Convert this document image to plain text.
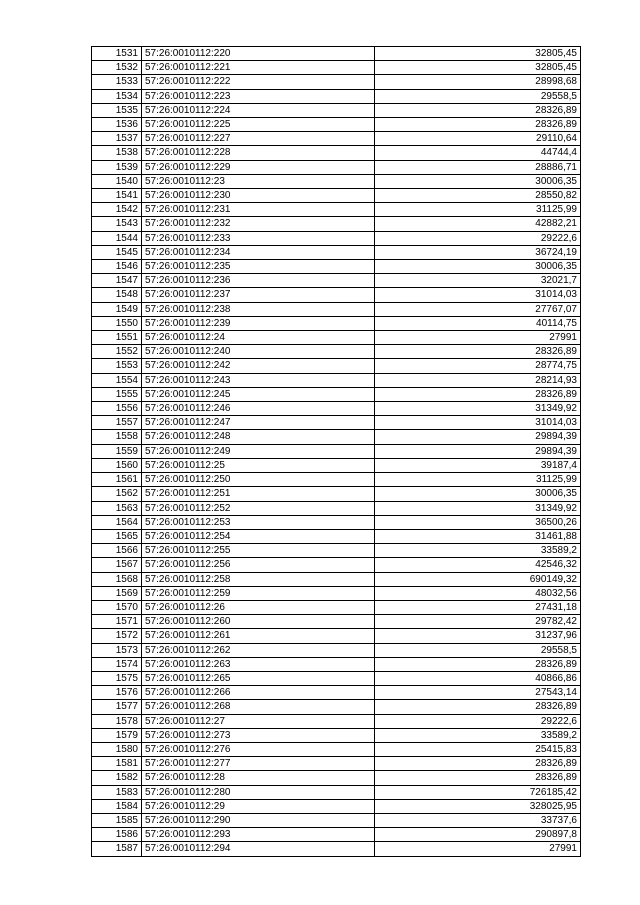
1531	57:26:0010112:220	32805,45
1532	57:26:0010112:221	32805,45
1533	57:26:0010112:222	28998,68
1534	57:26:0010112:223	29558,5
1535	57:26:0010112:224	28326,89
1536	57:26:0010112:225	28326,89
1537	57:26:0010112:227	29110,64
1538	57:26:0010112:228	44744,4
1539	57:26:0010112:229	28886,71
1540	57:26:0010112:23	30006,35
1541	57:26:0010112:230	28550,82
1542	57:26:0010112:231	31125,99
1543	57:26:0010112:232	42882,21
1544	57:26:0010112:233	29222,6
1545	57:26:0010112:234	36724,19
1546	57:26:0010112:235	30006,35
1547	57:26:0010112:236	32021,7
1548	57:26:0010112:237	31014,03
1549	57:26:0010112:238	27767,07
1550	57:26:0010112:239	40114,75
1551	57:26:0010112:24	27991
1552	57:26:0010112:240	28326,89
1553	57:26:0010112:242	28774,75
1554	57:26:0010112:243	28214,93
1555	57:26:0010112:245	28326,89
1556	57:26:0010112:246	31349,92
1557	57:26:0010112:247	31014,03
1558	57:26:0010112:248	29894,39
1559	57:26:0010112:249	29894,39
1560	57:26:0010112:25	39187,4
1561	57:26:0010112:250	31125,99
1562	57:26:0010112:251	30006,35
1563	57:26:0010112:252	31349,92
1564	57:26:0010112:253	36500,26
1565	57:26:0010112:254	31461,88
1566	57:26:0010112:255	33589,2
1567	57:26:0010112:256	42546,32
1568	57:26:0010112:258	690149,32
1569	57:26:0010112:259	48032,56
1570	57:26:0010112:26	27431,18
1571	57:26:0010112:260	29782,42
1572	57:26:0010112:261	31237,96
1573	57:26:0010112:262	29558,5
1574	57:26:0010112:263	28326,89
1575	57:26:0010112:265	40866,86
1576	57:26:0010112:266	27543,14
1577	57:26:0010112:268	28326,89
1578	57:26:0010112:27	29222,6
1579	57:26:0010112:273	33589,2
1580	57:26:0010112:276	25415,83
1581	57:26:0010112:277	28326,89
1582	57:26:0010112:28	28326,89
1583	57:26:0010112:280	726185,42
1584	57:26:0010112:29	328025,95
1585	57:26:0010112:290	33737,6
1586	57:26:0010112:293	290897,8
1587	57:26:0010112:294	27991
